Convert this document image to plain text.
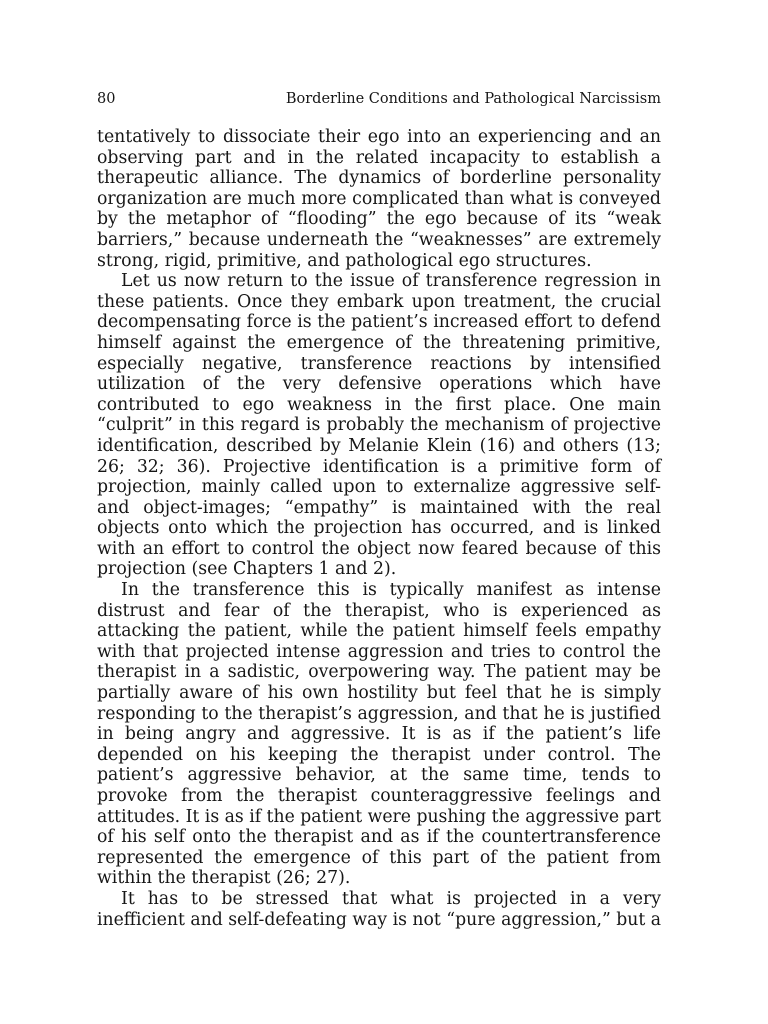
80	Borderline Conditions and Pathological Narcissism
tentatively to dissociate their ego into an experiencing and an
observing part and in the related incapacity to establish a
therapeutic alliance. The dynamics of borderline personality
organization are much more complicated than what is conveyed
by the metaphor of “flooding” the ego because of its “weak
barriers,” because underneath the “weaknesses” are extremely
strong, rigid, primitive, and pathological ego structures.
Let us now return to the issue of transference regression in
these patients. Once they embark upon treatment, the crucial
decompensating force is the patient’s increased effort to defend
himself against the emergence of the threatening primitive,
especially negative, transference reactions by intensified
utilization of the very defensive operations which have
contributed to ego weakness in the first place. One main
“culprit” in this regard is probably the mechanism of projective
identification, described by Melanie Klein (16) and others (13;
26; 32; 36). Projective identification is a primitive form of
projection, mainly called upon to externalize aggressive self-
and object-images; “empathy” is maintained with the real
objects onto which the projection has occurred, and is linked
with an effort to control the object now feared because of this
projection (see Chapters 1 and 2).
In the transference this is typically manifest as intense
distrust and fear of the therapist, who is experienced as
attacking the patient, while the patient himself feels empathy
with that projected intense aggression and tries to control the
therapist in a sadistic, overpowering way. The patient may be
partially aware of his own hostility but feel that he is simply
responding to the therapist’s aggression, and that he is justified
in being angry and aggressive. It is as if the patient’s life
depended on his keeping the therapist under control. The
patient’s aggressive behavior, at the same time, tends to
provoke from the therapist counteraggressive feelings and
attitudes. It is as if the patient were pushing the aggressive part
of his self onto the therapist and as if the countertransference
represented the emergence of this part of the patient from
within the therapist (26; 27).
It has to be stressed that what is projected in a very
inefficient and self-defeating way is not “pure aggression,” but a
